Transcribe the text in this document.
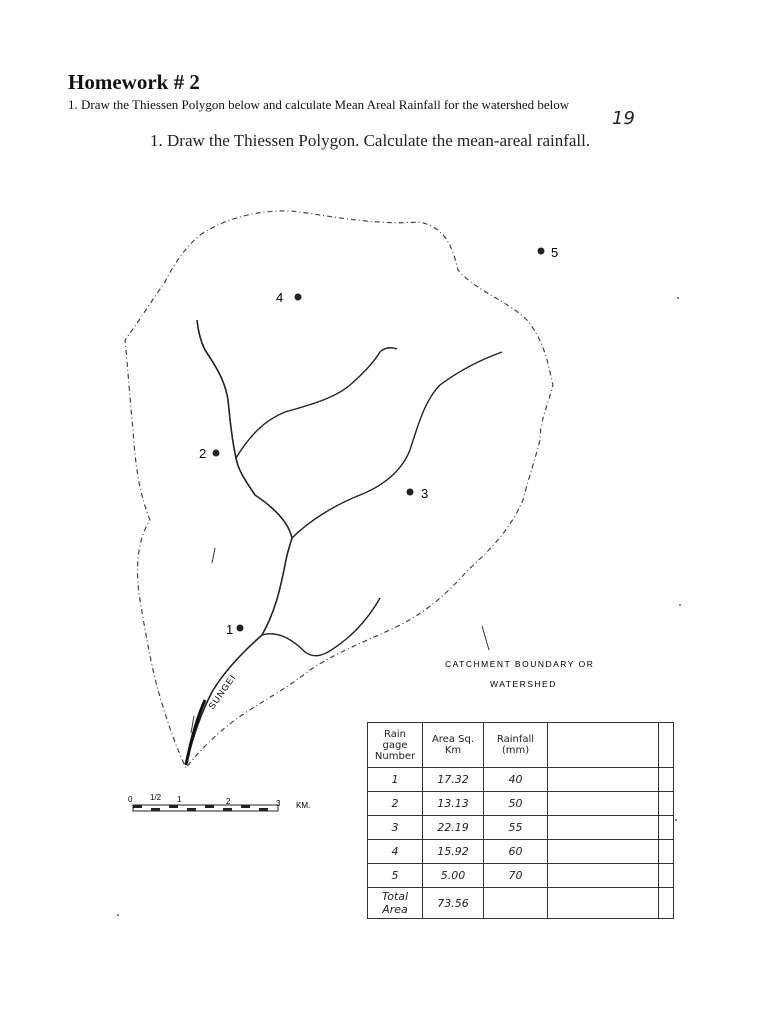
Homework # 2
1. Draw the Thiessen Polygon below and calculate Mean Areal Rainfall for the watershed below
19
1. Draw the Thiessen Polygon. Calculate the mean-areal rainfall.
1
2
3
4
5
CATCHMENT BOUNDARY OR
WATERSHED
SUNGEI
0 1/2 1	2	3 KM.
Rain gage Number	Area Sq. Km	Rainfall (mm)		
1	17.32	40		
2	13.13	50		
3	22.19	55		
4	15.92	60		
5	5.00	70		
Total Area	73.56			
